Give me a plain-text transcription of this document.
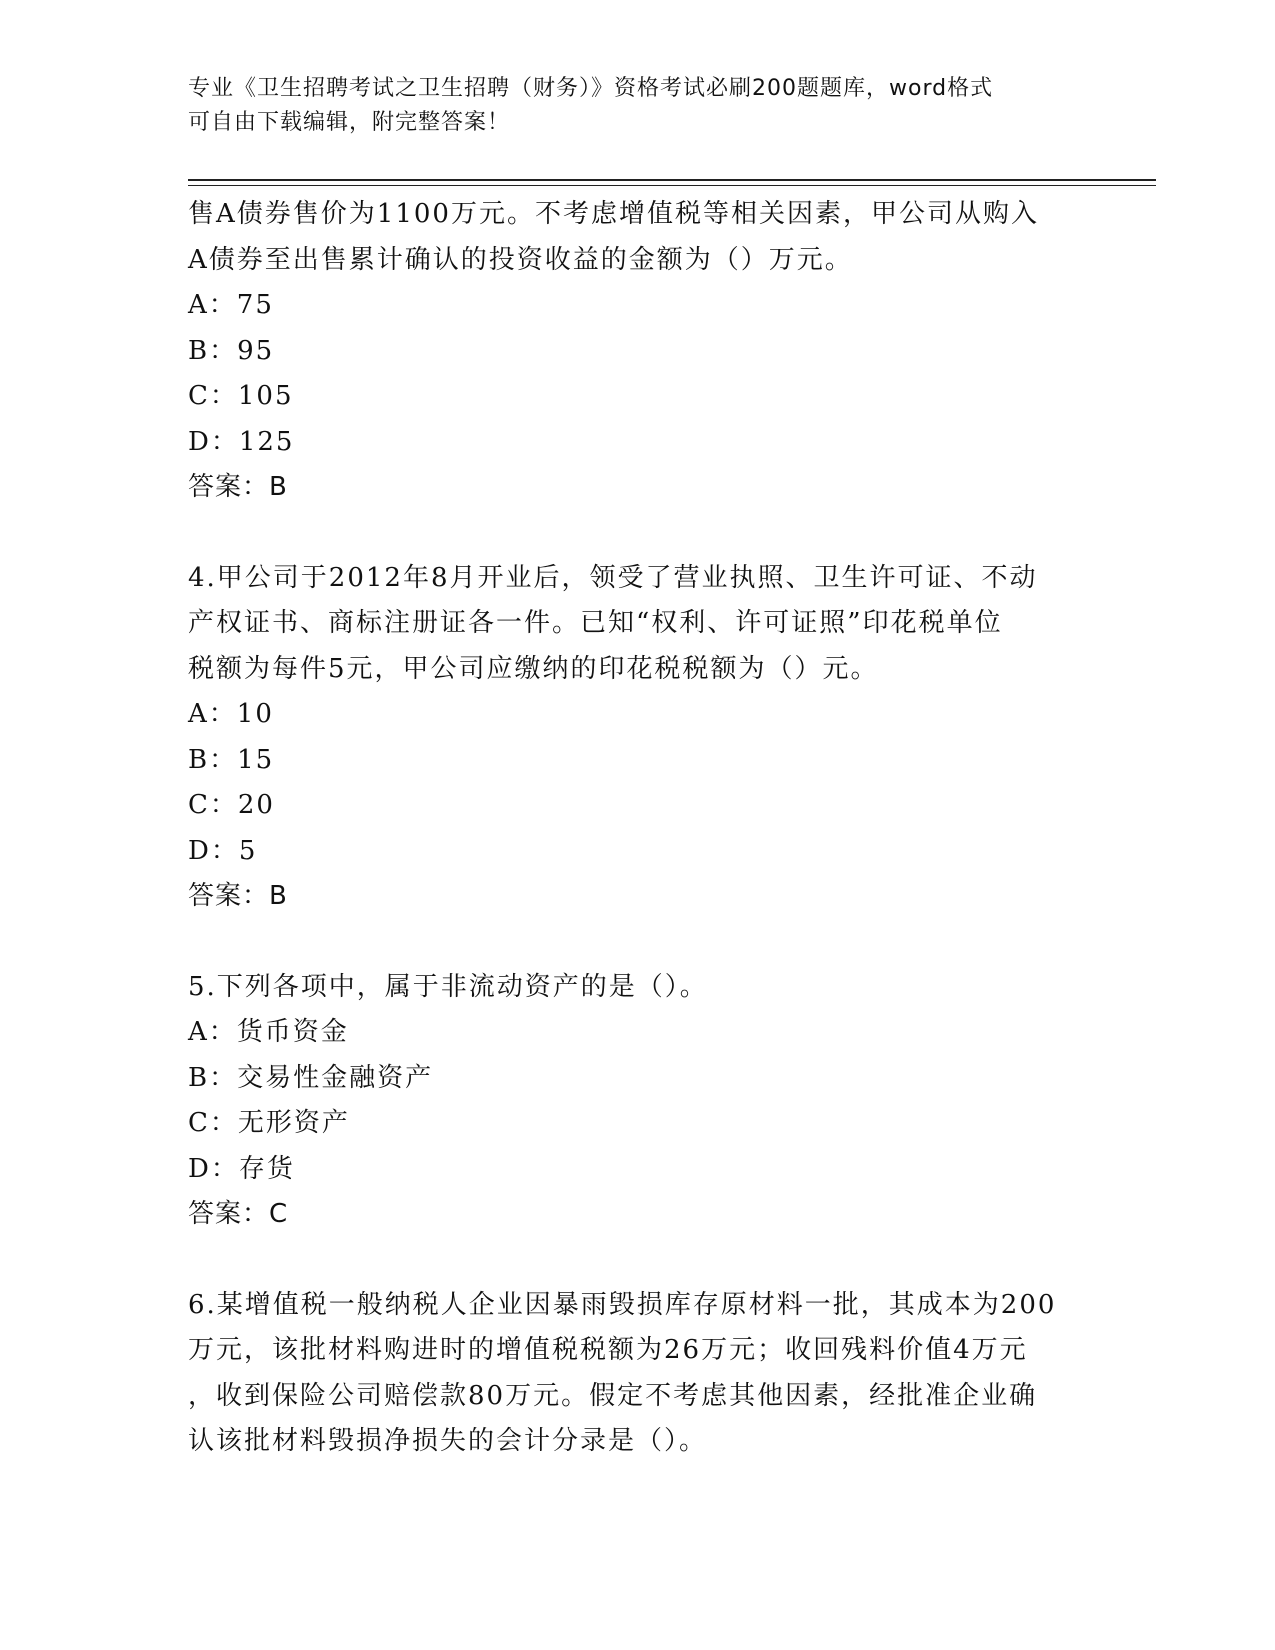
专业《卫生招聘考试之卫生招聘（财务）》资格考试必刷200题题库，word格式
可自由下载编辑，附完整答案！
售A债券售价为1100万元。不考虑增值税等相关因素，甲公司从购入
A债券至出售累计确认的投资收益的金额为（）万元。
A：75
B：95
C：105
D：125
答案：B
4.甲公司于2012年8月开业后，领受了营业执照、卫生许可证、不动
产权证书、商标注册证各一件。已知“权利、许可证照”印花税单位
税额为每件5元，甲公司应缴纳的印花税税额为（）元。
A：10
B：15
C：20
D：5
答案：B
5.下列各项中，属于非流动资产的是（）。
A：货币资金
B：交易性金融资产
C：无形资产
D：存货
答案：C
6.某增值税一般纳税人企业因暴雨毁损库存原材料一批，其成本为200
万元，该批材料购进时的增值税税额为26万元；收回残料价值4万元
，收到保险公司赔偿款80万元。假定不考虑其他因素，经批准企业确
认该批材料毁损净损失的会计分录是（）。
